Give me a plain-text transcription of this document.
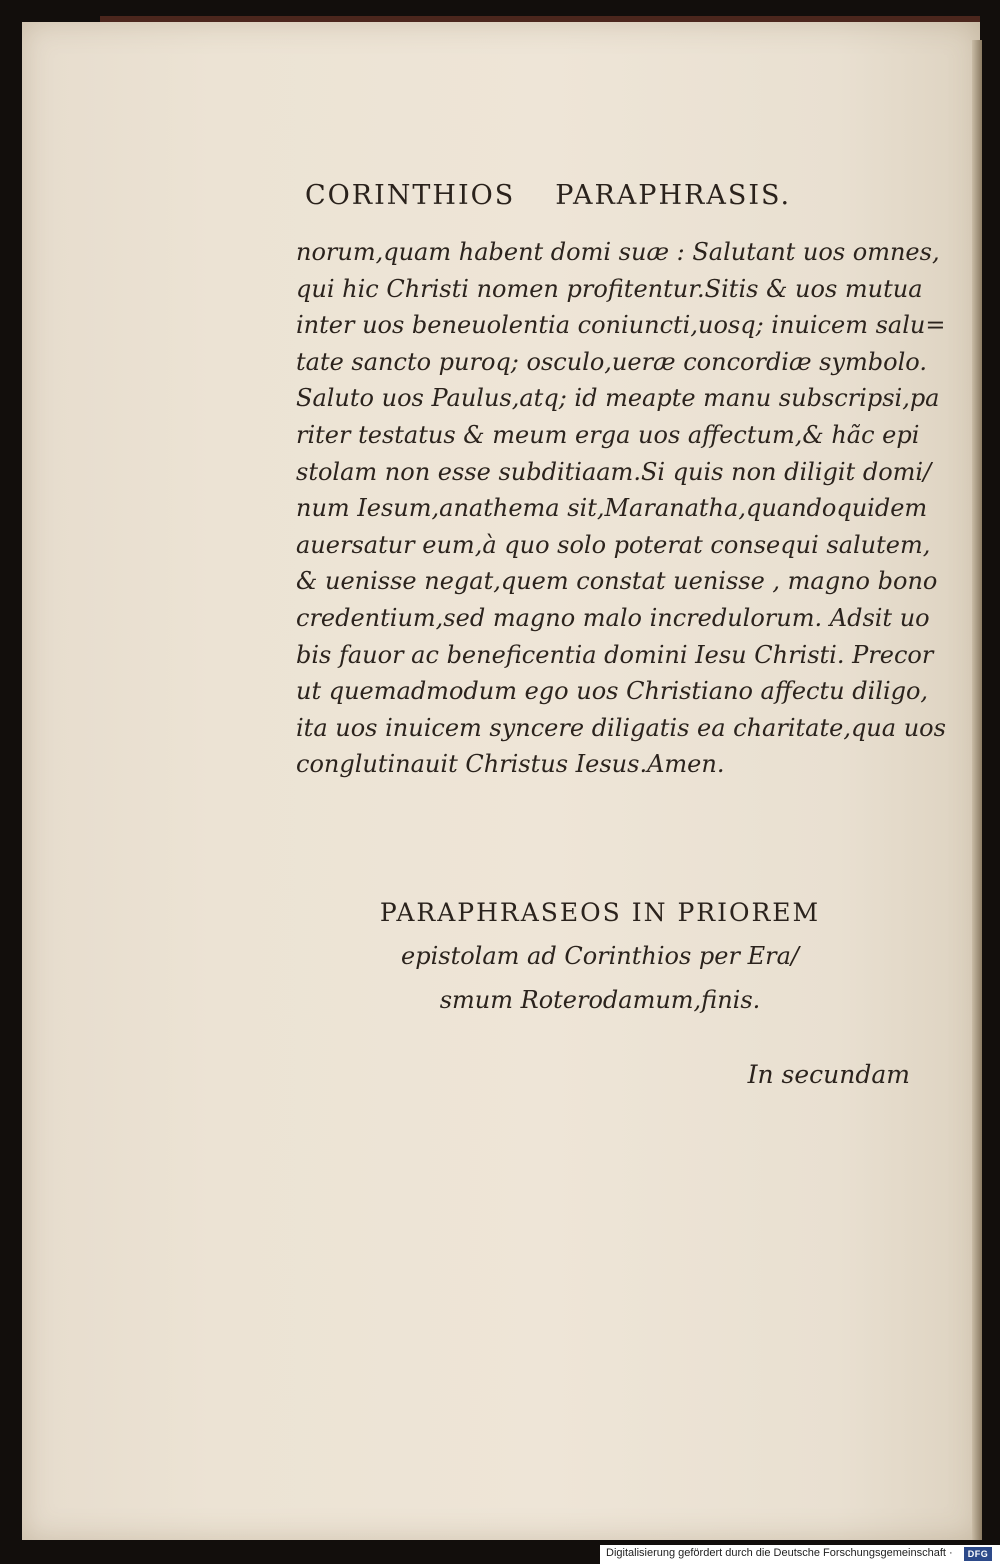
CORINTHIOS PARAPHRASIS.
norum,quam habent domi suæ : Salutant uos omnes,
qui hic Christi nomen profitentur.Sitis & uos mutua
inter uos beneuolentia coniuncti,uosq; inuicem salu=
tate sancto puroq; osculo,ueræ concordiæ symbolo.
Saluto uos Paulus,atq; id meapte manu subscripsi,pa
riter testatus & meum erga uos affectum,& hãc epi
stolam non esse subditiaam.Si quis non diligit domi/
num Iesum,anathema sit,Maranatha,quandoquidem
auersatur eum,à quo solo poterat consequi salutem,
& uenisse negat,quem constat uenisse , magno bono
credentium,sed magno malo incredulorum. Adsit uo
bis fauor ac beneficentia domini Iesu Christi. Precor
ut quemadmodum ego uos Christiano affectu diligo,
ita uos inuicem syncere diligatis ea charitate,qua uos
conglutinauit Christus Iesus.Amen.
PARAPHRASEOS IN PRIOREM
epistolam ad Corinthios per Era/
smum Roterodamum,finis.
In secundam
Digitalisierung gefördert durch die Deutsche Forschungsgemeinschaft ·	DFG
